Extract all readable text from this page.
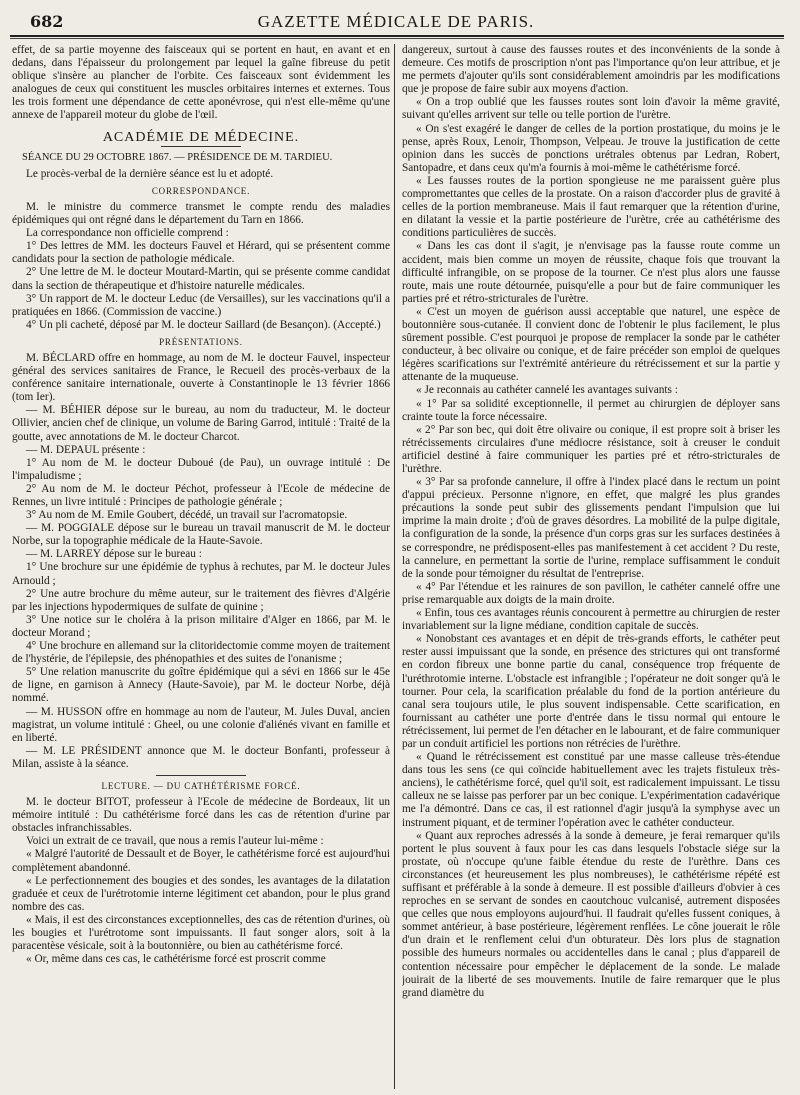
682	GAZETTE MÉDICALE DE PARIS.

effet, de sa partie moyenne des faisceaux qui se portent en haut, en avant et en dedans, dans l'épaisseur du prolongement par lequel la gaîne fibreuse du petit oblique s'insère au plancher de l'orbite. Ces faisceaux sont évidemment les analogues de ceux qui constituent les muscles orbitaires internes et externes. Tous les trois forment une dépendance de cette aponévrose, qui n'est elle-même qu'une annexe de l'appareil moteur du globe de l'œil.

ACADÉMIE DE MÉDECINE.

SÉANCE DU 29 OCTOBRE 1867. — PRÉSIDENCE DE M. TARDIEU.

Le procès-verbal de la dernière séance est lu et adopté.

CORRESPONDANCE.

M. le ministre du commerce transmet le compte rendu des maladies épidémiques qui ont régné dans le département du Tarn en 1866.

La correspondance non officielle comprend :

1° Des lettres de MM. les docteurs Fauvel et Hérard, qui se présentent comme candidats pour la section de pathologie médicale.

2° Une lettre de M. le docteur Moutard-Martin, qui se présente comme candidat dans la section de thérapeutique et d'histoire naturelle médicales.

3° Un rapport de M. le docteur Leduc (de Versailles), sur les vaccinations qu'il a pratiquées en 1866. (Commission de vaccine.)

4° Un pli cacheté, déposé par M. le docteur Saillard (de Besançon). (Accepté.)

PRÉSENTATIONS.

M. BÉCLARD offre en hommage, au nom de M. le docteur Fauvel, inspecteur général des services sanitaires de France, le Recueil des procès-verbaux de la conférence sanitaire internationale, ouverte à Constantinople le 13 février 1866 (tom Ier).

— M. BÉHIER dépose sur le bureau, au nom du traducteur, M. le docteur Ollivier, ancien chef de clinique, un volume de Baring Garrod, intitulé : Traité de la goutte, avec annotations de M. le docteur Charcot.

— M. DEPAUL présente :

1° Au nom de M. le docteur Duboué (de Pau), un ouvrage intitulé : De l'impaludisme ;

2° Au nom de M. le docteur Péchot, professeur à l'Ecole de médecine de Rennes, un livre intitulé : Principes de pathologie générale ;

3° Au nom de M. Emile Goubert, décédé, un travail sur l'acromatopsie.

— M. POGGIALE dépose sur le bureau un travail manuscrit de M. le docteur Norbe, sur la topographie médicale de la Haute-Savoie.

— M. LARREY dépose sur le bureau :

1° Une brochure sur une épidémie de typhus à rechutes, par M. le docteur Jules Arnould ;

2° Une autre brochure du même auteur, sur le traitement des fièvres d'Algérie par les injections hypodermiques de sulfate de quinine ;

3° Une notice sur le choléra à la prison militaire d'Alger en 1866, par M. le docteur Morand ;

4° Une brochure en allemand sur la clitoridectomie comme moyen de traitement de l'hystérie, de l'épilepsie, des phénopathies et des suites de l'onanisme ;

5° Une relation manuscrite du goître épidémique qui a sévi en 1866 sur le 45e de ligne, en garnison à Annecy (Haute-Savoie), par M. le docteur Norbe, déjà nommé.

— M. HUSSON offre en hommage au nom de l'auteur, M. Jules Duval, ancien magistrat, un volume intitulé : Gheel, ou une colonie d'aliénés vivant en famille et en liberté.

— M. LE PRÉSIDENT annonce que M. le docteur Bonfanti, professeur à Milan, assiste à la séance.

LECTURE. — DU CATHÉTÉRISME FORCÉ.

M. le docteur BITOT, professeur à l'Ecole de médecine de Bordeaux, lit un mémoire intitulé : Du cathétérisme forcé dans les cas de rétention d'urine par obstacles infranchissables.

Voici un extrait de ce travail, que nous a remis l'auteur lui-même :

« Malgré l'autorité de Dessault et de Boyer, le cathétérisme forcé est aujourd'hui complètement abandonné.

« Le perfectionnement des bougies et des sondes, les avantages de la dilatation graduée et ceux de l'urétrotomie interne légitiment cet abandon, pour le plus grand nombre des cas.

« Mais, il est des circonstances exceptionnelles, des cas de rétention d'urines, où les bougies et l'urétrotome sont impuissants. Il faut songer alors, soit à la paracentèse vésicale, soit à la boutonnière, ou bien au cathétérisme forcé.

« Or, même dans ces cas, le cathétérisme forcé est proscrit comme

dangereux, surtout à cause des fausses routes et des inconvénients de la sonde à demeure. Ces motifs de proscription n'ont pas l'importance qu'on leur attribue, et je me permets d'ajouter qu'ils sont considérablement amoindris par les modifications que je propose de faire subir aux moyens d'action.

« On a trop oublié que les fausses routes sont loin d'avoir la même gravité, suivant qu'elles arrivent sur telle ou telle portion de l'urètre.

« On s'est exagéré le danger de celles de la portion prostatique, du moins je le pense, après Roux, Lenoir, Thompson, Velpeau. Je trouve la justification de cette opinion dans les succès de ponctions urétrales obtenus par Ledran, Robert, Santopadre, et dans ceux qu'm'a fournis à moi-même le cathétérisme forcé.

« Les fausses routes de la portion spongieuse ne me paraissent guère plus compromettantes que celles de la prostate. On a raison d'accorder plus de gravité à celles de la portion membraneuse. Mais il faut remarquer que la rétention d'urine, en dilatant la vessie et la partie postérieure de l'urètre, crée au cathétérisme des conditions particulières de succès.

« Dans les cas dont il s'agit, je n'envisage pas la fausse route comme un accident, mais bien comme un moyen de réussite, chaque fois que trouvant la difficulté infrangible, on se propose de la tourner. Ce n'est plus alors une fausse route, mais une route détournée, puisqu'elle a pour but de faire communiquer les parties pré et rétro-stricturales de l'urètre.

« C'est un moyen de guérison aussi acceptable que naturel, une espèce de boutonnière sous-cutanée. Il convient donc de l'obtenir le plus facilement, le plus sûrement possible. C'est pourquoi je propose de remplacer la sonde par le cathéter conducteur, à bec olivaire ou conique, et de faire précéder son emploi de quelques légères scarifications sur l'extrémité antérieure du rétrécissement et sur la partie y attenante de la muqueuse.

« Je reconnais au cathéter cannelé les avantages suivants :

« 1° Par sa solidité exceptionnelle, il permet au chirurgien de déployer sans crainte toute la force nécessaire.

« 2° Par son bec, qui doit être olivaire ou conique, il est propre soit à briser les rétrécissements circulaires d'une médiocre résistance, soit à creuser le conduit artificiel destiné à faire communiquer les parties pré et rétro-stricturales de l'urèthre.

« 3° Par sa profonde cannelure, il offre à l'index placé dans le rectum un point d'appui précieux. Personne n'ignore, en effet, que malgré les plus grandes précautions la sonde peut subir des glissements pendant l'impulsion que lui imprime la main droite ; d'où de graves désordres. La mobilité de la pulpe digitale, la configuration de la sonde, la présence d'un corps gras sur les surfaces destinées à se correspondre, ne prédisposent-elles pas manifestement à cet accident ? Du reste, la cannelure, en permettant la sortie de l'urine, remplace suffisamment le conduit de la sonde pour témoigner du résultat de l'entreprise.

« 4° Par l'étendue et les rainures de son pavillon, le cathéter cannelé offre une prise remarquable aux doigts de la main droite.

« Enfin, tous ces avantages réunis concourent à permettre au chirurgien de rester invariablement sur la ligne médiane, condition capitale de succès.

« Nonobstant ces avantages et en dépit de très-grands efforts, le cathéter peut rester aussi impuissant que la sonde, en présence des strictures qui ont transformé en cordon fibreux une bonne partie du canal, conséquence trop fréquente de l'uréthrotomie interne. L'obstacle est infrangible ; l'opérateur ne doit songer qu'à le tourner. Pour cela, la scarification préalable du fond de la portion antérieure du canal sera toujours utile, le plus souvent indispensable. Cette scarification, en fournissant au cathéter une porte d'entrée dans le tissu normal qui entoure le rétrécissement, lui permet de l'en détacher en le labourant, et de faire communiquer par un conduit artificiel les portions non rétrécies de l'urèthre.

« Quand le rétrécissement est constitué par une masse calleuse très-étendue dans tous les sens (ce qui coïncide habituellement avec les trajets fistuleux très-anciens), le cathétérisme forcé, quel qu'il soit, est radicalement impuissant. Le tissu calleux ne se laisse pas perforer par un bec conique. L'expérimentation cadavérique me l'a démontré. Dans ce cas, il est rationnel d'agir jusqu'à la symphyse avec un instrument piquant, et de terminer l'opération avec le cathéter conducteur.

« Quant aux reproches adressés à la sonde à demeure, je ferai remarquer qu'ils portent le plus souvent à faux pour les cas dans lesquels l'obstacle siége sur la prostate, où n'occupe qu'une faible étendue du reste de l'urèthre. Dans ces circonstances (et heureusement les plus nombreuses), le cathétérisme répété est suffisant et préférable à la sonde à demeure. Il est possible d'ailleurs d'obvier à ces reproches en se servant de sondes en caoutchouc vulcanisé, autrement disposées que celles que nous employons aujourd'hui. Il faudrait qu'elles fussent coniques, à sommet antérieur, à base postérieure, légèrement renflées. Le cône jouerait le rôle d'un drain et le renflement celui d'un obturateur. Dès lors plus de stagnation possible des humeurs normales ou accidentelles dans le canal ; plus d'appareil de contention nécessaire pour empêcher le déplacement de la sonde. Le malade jouirait de la liberté de ses mouvements. Inutile de faire remarquer que le plus grand diamètre du
